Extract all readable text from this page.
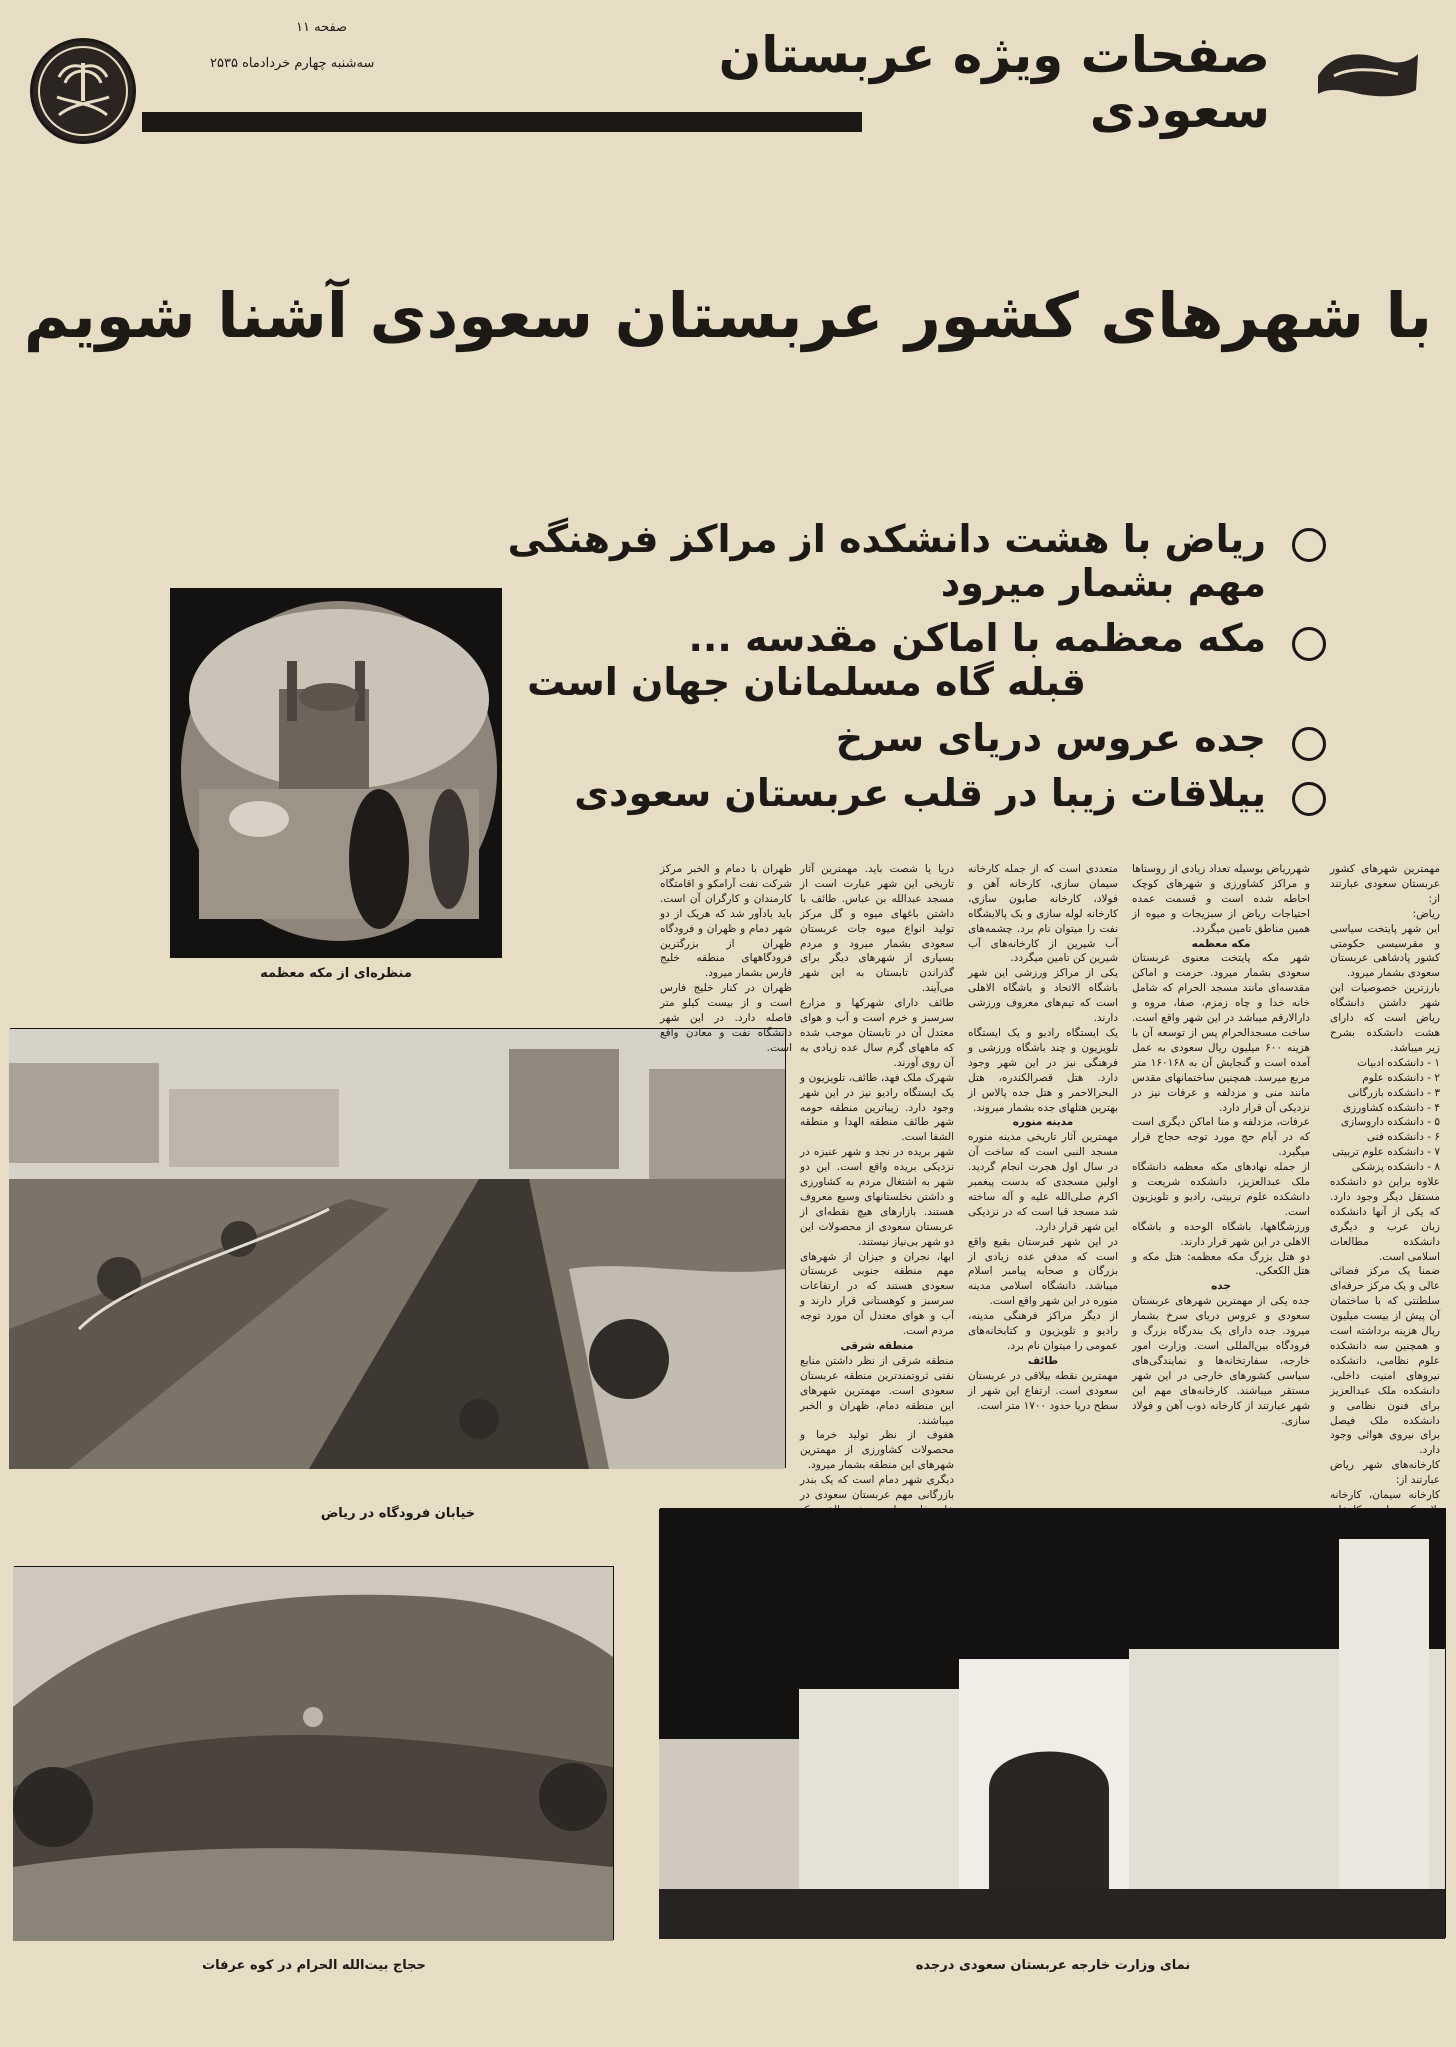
صفحه ۱۱
سه‌شنبه چهارم خرداد‌ماه ۲۵۳۵	صفحات ویژه عربستان سعودی
با شهرهای کشور عربستان سعودی آشنا شویم
ریاض با هشت دانشکده از مراکز فرهنگی مهم بشمار میرود
مکه معظمه با اماکن مقدسه ...
قبله گاه مسلمانان جهان است
جده عروس دریای سرخ
ییلاقات زیبا در قلب عربستان سعودی
منظره‌ای از مکه معظمه
خیابان فرودگاه در ریاض

مهمترین شهرهای کشور عربستان سعودی عبارتند از:

ریاض:

این شهر پایتخت سیاسی و مقرسیسی حکومتی کشور پادشاهی عربستان سعودی بشمار میرود.

بارزترین خصوصیات این شهر داشتن دانشگاه ریاض است که دارای هشت دانشکده بشرح زیر میباشد.

۱ - دانشکده ادبیات

۲ - دانشکده علوم

۳ - دانشکده بازرگانی

۴ - دانشکده کشاورزی

۵ - دانشکده داروسازی

۶ - دانشکده فنی

۷ - دانشکده علوم تربیتی

۸ - دانشکده پزشکی

علاوه براین دو دانشکده مستقل دیگر وجود دارد. که یکی از آنها دانشکده زبان عرب و دیگری دانشکده مطالعات اسلامی است.

ضمنا یک مرکز فضائی عالی و یک مرکز حرفه‌ای سلطنتی که با ساختمان آن پیش از بیست میلیون ریال هزینه برداشته است و همچنین سه دانشکده علوم نظامی، دانشکده نیروهای امنیت داخلی، دانشکده ملک عبدالعزیز برای فنون نظامی و دانشکده ملک فیصل برای نیروی هوائی وجود دارد.

کارخانه‌های شهر ریاض عبارتند از:

کارخانه سیمان، کارخانه

شهرریاض بوسیله تعداد زیادی از روستاها و مراکز کشاورزی و شهرهای کوچک احاطه شده است و قسمت عمده احتیاجات ریاض از سبزیجات و میوه از همین مناطق تامین میگردد.

مکه معظمه

شهر مکه پایتخت معنوی عربستان سعودی بشمار میرود. حرمت و اماکن مقدسه‌ای مانند مسجد الحرام که شامل خانه خدا و چاه زمزم، صفا، مروه و دارالارقم میباشد در این شهر واقع است. ساخت مسجدالحرام پس از توسعه آن با هزینه ۶۰۰ میلیون ریال سعودی به عمل آمده است و گنجایش آن به ۱۶۰۱۶۸ متر مربع میرسد. همچنین ساختمانهای مقدس مانند منی و مزدلفه و عرفات نیز در نزدیکی آن قرار دارد.

عرفات، مزدلفه و منا اماکن دیگری است که در آیام حج مورد توجه حجاج قرار میگیرد.

از جمله نهادهای مکه معظمه دانشگاه ملک عبدالعزیز، دانشکده شریعت و دانشکده علوم تربیتی، رادیو و تلویزیون است.

ورزشگاهها، باشگاه الوحده و باشگاه الاهلی در این شهر قرار دارند.

دو هتل بزرگ مکه معظمه: هتل مکه و هتل الکعکی.

جده

جده یکی از مهمترین شهرهای عربستان سعودی و عروس دریای سرخ بشمار میرود. جده دارای یک بندرگاه بزرگ و فرودگاه بین‌المللی است. وزارت امور خارجه، سفارتخانه‌ها و نمایندگی‌های سیاسی کشورهای خارجی در این شهر مستقر میباشند. کارخانه‌های مهم این شهر عبارتند از کارخانه ذوب آهن و فولاد سازی.

متعددی است که از جمله کارخانه سیمان سازی، کارخانه آهن و فولاد، کارخانه صابون سازی، کارخانه لوله سازی و یک پالایشگاه نفت را میتوان نام برد. چشمه‌های آب شیرین از کارخانه‌های آب شیرین کن تامین میگردد.

یکی از مراکز ورزشی این شهر باشگاه الاتحاد و باشگاه الاهلی است که تیم‌های معروف ورزشی دارند.

یک ایستگاه رادیو و یک ایستگاه تلویزیون و چند باشگاه ورزشی و فرهنگی نیز در این شهر وجود دارد. هتل قصرالکندره، هتل البحرالاحمر و هتل جده پالاس از بهترین هتلهای جده بشمار میروند.

مدینه منوره

مهمترین آثار تاریخی مدینه منوره مسجد النبی است که ساخت آن در سال اول هجرت انجام گردید. اولین مسجدی که بدست پیغمبر اکرم صلی‌الله علیه و آله ساخته شد مسجد قبا است که در نزدیکی این شهر قرار دارد.

در این شهر قبرستان بقیع واقع است که مدفن عده زیادی از بزرگان و صحابه پیامبر اسلام میباشد. دانشگاه اسلامی مدینه منوره در این شهر واقع است.

از دیگر مراکز فرهنگی مدینه، رادیو و تلویزیون و کتابخانه‌های عمومی را میتوان نام برد.

طائف

مهمترین نقطه ییلاقی در عربستان سعودی است. ارتفاع این شهر از سطح دریا حدود ۱۷۰۰ متر است.

دریا یا شصت باید. مهمترین آثار تاریخی این شهر عبارت است از مسجد عبدالله بن عباس. طائف با داشتن باغهای میوه و گل مرکز تولید انواع میوه جات عربستان سعودی بشمار میرود و مردم بسیاری از شهرهای دیگر برای گذراندن تابستان به این شهر می‌آیند.

طائف دارای شهرکها و مزارع سرسبز و خرم است و آب و هوای معتدل آن در تابستان موجب شده که ماههای گرم سال عده زیادی به آن روی آورند.

شهرک ملک فهد، طائف، تلویزیون و یک ایستگاه رادیو نیز در این شهر وجود دارد. زیباترین منطقه حومه شهر طائف منطقه الهدا و منطقه الشفا است.

شهر بریده در نجد و شهر عنیزه در نزدیکی بریده واقع است. این دو شهر به اشتغال مردم به کشاورزی و داشتن نخلستانهای وسیع معروف هستند. بازارهای هیچ نقطه‌ای از عربستان سعودی از محصولات این دو شهر بی‌نیاز نیستند.

ابها، نجران و جیزان از شهرهای مهم منطقه جنوبی عربستان سعودی هستند که در ارتفاعات سرسبز و کوهستانی قرار دارند و آب و هوای معتدل آن مورد توجه مردم است.

منطقه شرقی

منطقه شرقی از نظر داشتن منابع نفتی ثروتمندترین منطقه عربستان سعودی است. مهمترین شهرهای این منطقه دمام، ظهران و الخبر میباشند.

هفوف از نظر تولید خرما و محصولات کشاورزی از مهمترین شهرهای این منطقه بشمار میرود.

دیگری شهر دمام است که یک بندر بازرگانی مهم عربستان سعودی در

ظهران با دمام و الخبر مرکز شرکت نفت آرامکو و اقامتگاه کارمندان و کارگران آن است. باید یادآور شد که هریک از دو شهر دمام و ظهران و فرودگاه ظهران از بزرگترین فرودگاههای منطقه خلیج فارس بشمار میرود.

ظهران در کنار خلیج فارس است و از بیست کیلو متر فاصله دارد. در این شهر دانشگاه نفت و معادن واقع است.

حجاج بیت‌الله الحرام در کوه عرفات	نمای وزارت خارجه عربستان سعودی درجده
